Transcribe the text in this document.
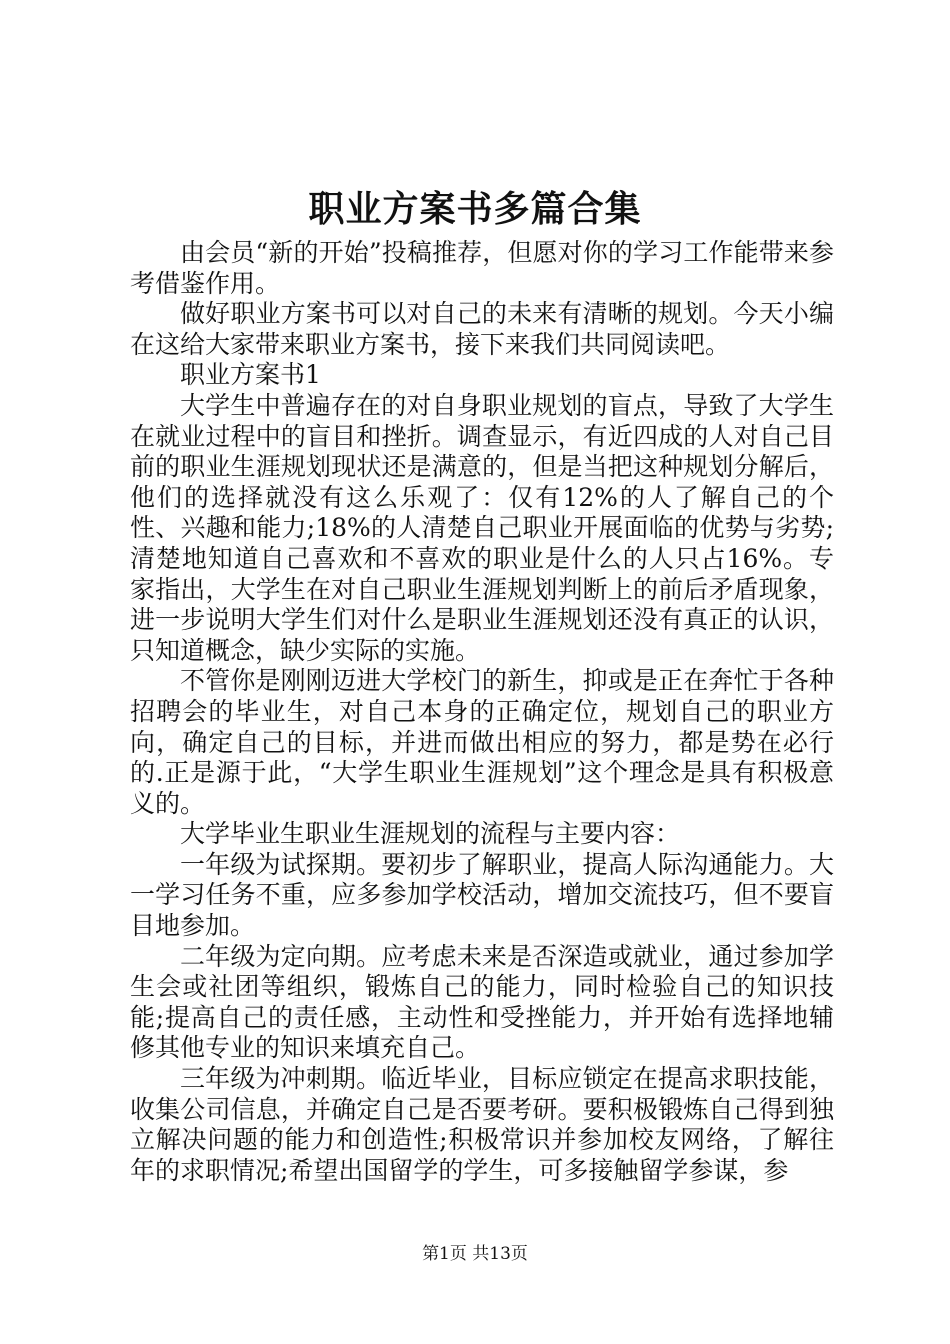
职业方案书多篇合集

由会员“新的开始”投稿推荐，但愿对你的学习工作能带来参考借鉴作用。

做好职业方案书可以对自己的未来有清晰的规划。今天小编在这给大家带来职业方案书，接下来我们共同阅读吧。

职业方案书1

大学生中普遍存在的对自身职业规划的盲点，导致了大学生在就业过程中的盲目和挫折。调查显示，有近四成的人对自己目前的职业生涯规划现状还是满意的，但是当把这种规划分解后，他们的选择就没有这么乐观了：仅有12%的人了解自己的个性、兴趣和能力;18%的人清楚自己职业开展面临的优势与劣势;清楚地知道自己喜欢和不喜欢的职业是什么的人只占16%。专家指出，大学生在对自己职业生涯规划判断上的前后矛盾现象，进一步说明大学生们对什么是职业生涯规划还没有真正的认识，只知道概念，缺少实际的实施。

不管你是刚刚迈进大学校门的新生，抑或是正在奔忙于各种招聘会的毕业生，对自己本身的正确定位，规划自己的职业方向，确定自己的目标，并进而做出相应的努力，都是势在必行的.正是源于此，“大学生职业生涯规划”这个理念是具有积极意义的。

大学毕业生职业生涯规划的流程与主要内容：

一年级为试探期。要初步了解职业，提高人际沟通能力。大一学习任务不重，应多参加学校活动，增加交流技巧，但不要盲目地参加。

二年级为定向期。应考虑未来是否深造或就业，通过参加学生会或社团等组织，锻炼自己的能力，同时检验自己的知识技能;提高自己的责任感，主动性和受挫能力，并开始有选择地辅修其他专业的知识来填充自己。

三年级为冲刺期。临近毕业，目标应锁定在提高求职技能，收集公司信息，并确定自己是否要考研。要积极锻炼自己得到独立解决问题的能力和创造性;积极常识并参加校友网络，了解往年的求职情况;希望出国留学的学生，可多接触留学参谋，参

第1页 共13页
